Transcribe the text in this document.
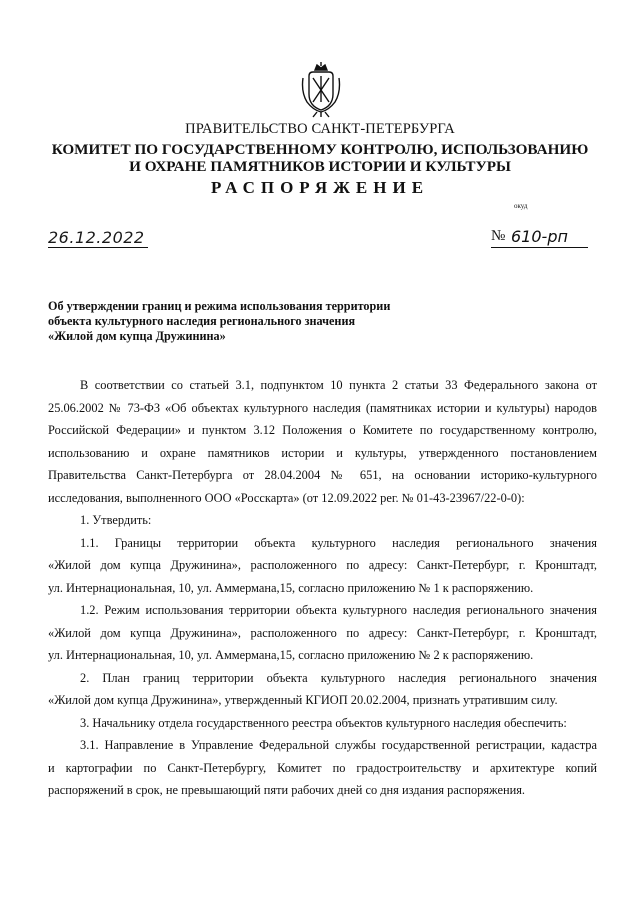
ПРАВИТЕЛЬСТВО САНКТ-ПЕТЕРБУРГА
КОМИТЕТ ПО ГОСУДАРСТВЕННОМУ КОНТРОЛЮ, ИСПОЛЬЗОВАНИЮ
И ОХРАНЕ ПАМЯТНИКОВ ИСТОРИИ И КУЛЬТУРЫ
РАСПОРЯЖЕНИЕ
окуд
26.12.2022	№ 610-рп
Об утверждении границ и режима использования территории
объекта культурного наследия регионального значения
«Жилой дом купца Дружинина»
В соответствии со статьей 3.1, подпунктом 10 пункта 2 статьи 33 Федерального закона от
25.06.2002 № 73-ФЗ «Об объектах культурного наследия (памятниках истории и культуры) народов
Российской Федерации» и пунктом 3.12 Положения о Комитете по государственному контролю,
использованию и охране памятников истории и культуры, утвержденного постановлением
Правительства Санкт-Петербурга от 28.04.2004 № 651, на основании историко-культурного
исследования, выполненного ООО «Росскарта» (от 12.09.2022 рег. № 01-43-23967/22-0-0):
1. Утвердить:
1.1. Границы территории объекта культурного наследия регионального значения
«Жилой дом купца Дружинина», расположенного по адресу: Санкт-Петербург, г. Кронштадт,
ул. Интернациональная, 10, ул. Аммермана,15, согласно приложению № 1 к распоряжению.
1.2. Режим использования территории объекта культурного наследия регионального значения
«Жилой дом купца Дружинина», расположенного по адресу: Санкт-Петербург, г. Кронштадт,
ул. Интернациональная, 10, ул. Аммермана,15, согласно приложению № 2 к распоряжению.
2. План границ территории объекта культурного наследия регионального значения
«Жилой дом купца Дружинина», утвержденный КГИОП 20.02.2004, признать утратившим силу.
3. Начальнику отдела государственного реестра объектов культурного наследия обеспечить:
3.1. Направление в Управление Федеральной службы государственной регистрации, кадастра
и картографии по Санкт-Петербургу, Комитет по градостроительству и архитектуре копий
распоряжений в срок, не превышающий пяти рабочих дней со дня издания распоряжения.
